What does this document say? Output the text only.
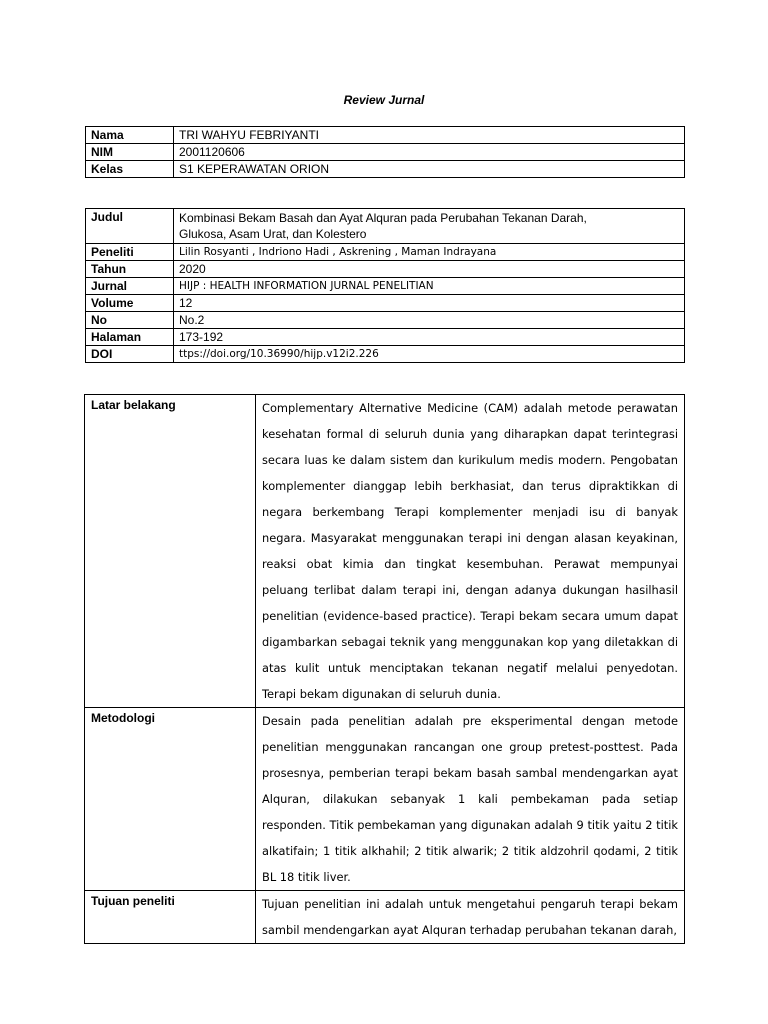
Review Jurnal
Nama	TRI WAHYU FEBRIYANTI
NIM	2001120606
Kelas	S1 KEPERAWATAN ORION
Judul	Kombinasi Bekam Basah dan Ayat Alquran pada Perubahan Tekanan Darah, Glukosa, Asam Urat, dan Kolestero
Peneliti	Lilin Rosyanti , Indriono Hadi , Askrening , Maman Indrayana
Tahun	2020
Jurnal	HIJP : HEALTH INFORMATION JURNAL PENELITIAN
Volume	12
No	No.2
Halaman	173-192
DOI	ttps://doi.org/10.36990/hijp.v12i2.226
Latar belakang	Complementary Alternative Medicine (CAM) adalah metode perawatan kesehatan formal di seluruh dunia yang diharapkan dapat terintegrasi secara luas ke dalam sistem dan kurikulum medis modern. Pengobatan komplementer dianggap lebih berkhasiat, dan terus dipraktikkan di negara berkembang Terapi komplementer menjadi isu di banyak negara. Masyarakat menggunakan terapi ini dengan alasan keyakinan, reaksi obat kimia dan tingkat kesembuhan. Perawat mempunyai peluang terlibat dalam terapi ini, dengan adanya dukungan hasilhasil penelitian (evidence-based practice). Terapi bekam secara umum dapat digambarkan sebagai teknik yang menggunakan kop yang diletakkan di atas kulit untuk menciptakan tekanan negatif melalui penyedotan. Terapi bekam digunakan di seluruh dunia.
Metodologi	Desain pada penelitian adalah pre eksperimental dengan metode penelitian menggunakan rancangan one group pretest-posttest. Pada prosesnya, pemberian terapi bekam basah sambal mendengarkan ayat Alquran, dilakukan sebanyak 1 kali pembekaman pada setiap responden. Titik pembekaman yang digunakan adalah 9 titik yaitu 2 titik alkatifain; 1 titik alkhahil; 2 titik alwarik; 2 titik aldzohril qodami, 2 titik BL 18 titik liver.
Tujuan peneliti	Tujuan penelitian ini adalah untuk mengetahui pengaruh terapi bekam sambil mendengarkan ayat Alquran terhadap perubahan tekanan darah,
